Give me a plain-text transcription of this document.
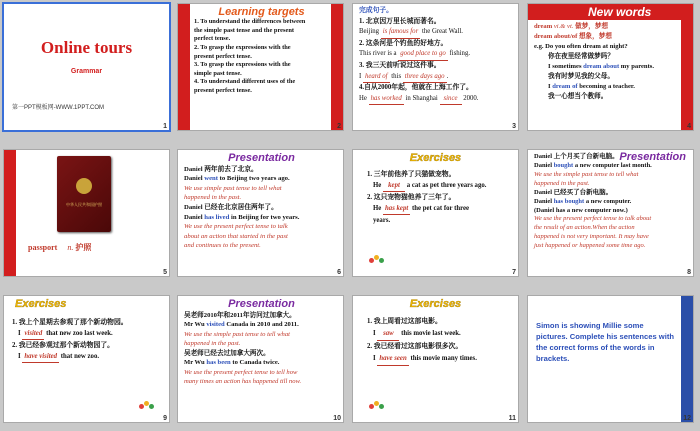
Online tours
Grammar
第一PPT模板网-WWW.1PPT.COM
1
Learning targets
1. To understand the differences between
the simple past tense and the present
perfect tense.
2. To grasp the expressions with the
present perfect tense.
3. To grasp the expressions with the
simple past tense.
4. To understand different uses of the
present perfect tense.
2
完成句子。
1. 北京因万里长城而著名。
Beijing is famous for the Great Wall.
2. 这条河是个钓鱼的好地方。
This river is a good place to go fishing.
3. 我三天前听说过这件事。
I heard of this three days ago .
4.自从2000年起，他就在上海工作了。
He has worked in Shanghai since 2000.
3
New words
dream vi.& vt. 做梦，梦想
dream about/of 想象，梦想
e.g. Do you often dream at night?
你在夜里经常做梦吗？
I sometimes dream about my parents.
我有时梦见我的父母。
I dream of becoming a teacher.
我一心想当个教师。
4
中华人民共和国护照
passport n. 护照
5
Presentation
Daniel 两年前去了北京。
Daniel went to Beijing two years ago.
We use simple past tense to tell what
happened in the past.
Daniel 已经在北京居住两年了。
Daniel has lived in Beijing for two years.
We use the present perfect tense to talk
about an action that started in the past
and continues to the present.
6
Exercises
1. 三年前他养了只猫做宠物。
He kept a cat as pet three years ago.
2. 这只宠物猫他养了三年了。
He has kept the pet cat for three
years.
7
Presentation
Daniel 上个月买了台新电脑。
Daniel bought a new computer last month.
We use the simple past tense to tell what
happened in the past.
Daniel 已经买了台新电脑。
Daniel has bought a new computer.
(Daniel has a new computer now.)
We use the present perfect tense to talk about
the result of an action.When the action
happened is not very important. It may have
just happened or happened some time ago.
8
Exercises
1. 我上个星期去参观了那个新动物园。
I visited that new zoo last week.
2. 我已经参观过那个新动物园了。
I have visited that new zoo.
9
Presentation
吴老师2010年和2011年访问过加拿大。
Mr Wu visited Canada in 2010 and 2011.
We use the simple past tense to tell what
happened in the past.
吴老师已经去过加拿大两次。
Mr Wu has been to Canada twice.
We use the present perfect tense to tell how
many times an action has happened till now.
10
Exercises
1. 我上周看过这部电影。
I saw this movie last week.
2. 我已经看过这部电影很多次。
I have seen this movie many times.
11
Simon is showing Millie some pictures. Complete his sentences with the correct forms of the words in brackets.
12
